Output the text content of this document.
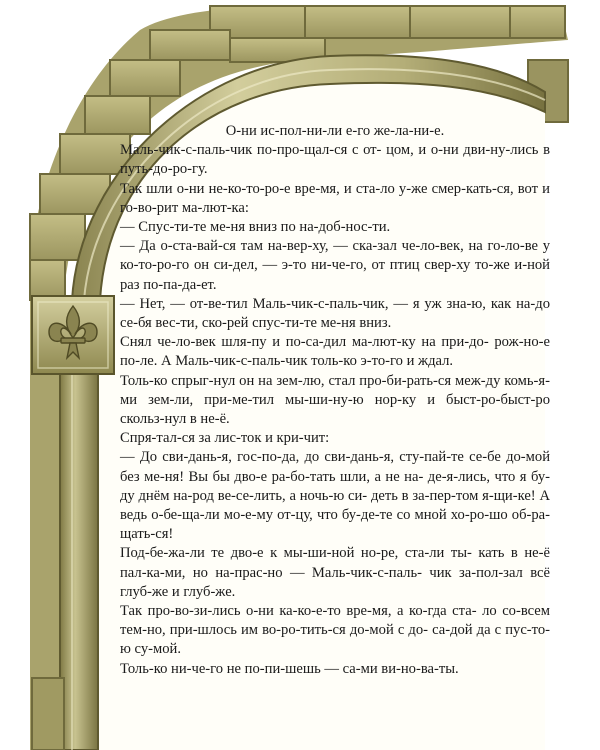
О-ни ис-пол-ни-ли е-го же-ла-ни-е.

Маль-чик-с-паль-чик по-про-щал-ся с от- цом, и о-ни дви-ну-лись в путь-до-ро-гу.

Так шли о-ни не-ко-то-ро-е вре-мя, и ста-ло у-же смер-кать-ся, вот и го-во-рит ма-лют-ка:

— Спус-ти-те ме-ня вниз по на-доб-нос-ти.

— Да о-ста-вай-ся там на-вер-ху, — ска-зал че-ло-век, на го-ло-ве у ко-то-ро-го он си-дел, — э-то ни-че-го, от птиц свер-ху то-же и-ной раз по-па-да-ет.

— Нет, — от-ве-тил Маль-чик-с-паль-чик, — я уж зна-ю, как на-до се-бя вес-ти, ско-рей спус-ти-те ме-ня вниз.

Снял че-ло-век шля-пу и по-са-дил ма-лют-ку на при-до- рож-но-е по-ле. А Маль-чик-с-паль-чик толь-ко э-то-го и ждал.

Толь-ко спрыг-нул он на зем-лю, стал про-би-рать-ся меж-ду комь-я-ми зем-ли, при-ме-тил мы-ши-ну-ю нор-ку и быст-ро-быст-ро скольз-нул в не-ё.

Спря-тал-ся за лис-ток и кри-чит:

— До сви-дань-я, гос-по-да, до сви-дань-я, сту-пай-те се-бе до-мой без ме-ня! Вы бы дво-е ра-бо-тать шли, а не на- де-я-лись, что я бу-ду днём на-род ве-се-лить, а ночь-ю си- деть в за-пер-том я-щи-ке! А ведь о-бе-ща-ли мо-е-му от-цу, что бу-де-те со мной хо-ро-шо об-ра-щать-ся!

Под-бе-жа-ли те дво-е к мы-ши-ной но-ре, ста-ли ты- кать в не-ё пал-ка-ми, но на-прас-но — Маль-чик-с-паль- чик за-пол-зал всё глуб-же и глуб-же.

Так про-во-зи-лись о-ни ка-ко-е-то вре-мя, а ко-гда ста- ло со-всем тем-но, при-шлось им во-ро-тить-ся до-мой с до- са-дой да с пус-то-ю су-мой.

Толь-ко ни-че-го не по-пи-шешь — са-ми ви-но-ва-ты.
